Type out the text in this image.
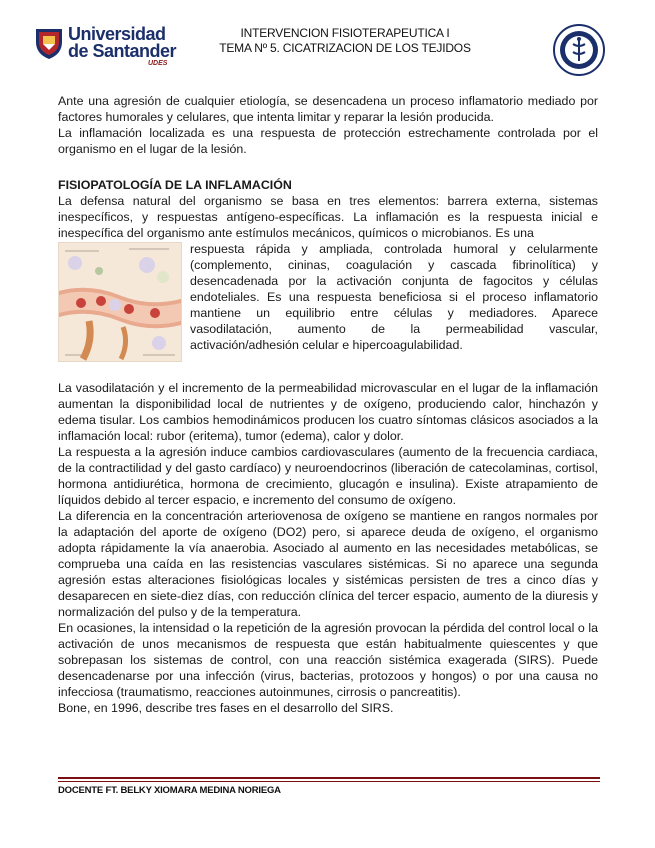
Universidad
de Santander
UDES
INTERVENCION FISIOTERAPEUTICA I
TEMA Nº 5. CICATRIZACION DE LOS TEJIDOS

Ante una agresión de cualquier etiología, se desencadena un proceso inflamatorio mediado por factores humorales y celulares, que intenta limitar y reparar la lesión producida.

La inflamación localizada es una respuesta de protección estrechamente controlada por el organismo en el lugar de la lesión.

FISIOPATOLOGÍA DE LA INFLAMACIÓN

La defensa natural del organismo se basa en tres elementos: barrera externa, sistemas inespecíficos, y respuestas antígeno-específicas. La inflamación es la respuesta inicial e inespecífica del organismo ante estímulos mecánicos, químicos o microbianos. Es una

respuesta rápida y ampliada, controlada humoral y celularmente (complemento, cininas, coagulación y cascada fibrinolítica) y desencadenada por la activación conjunta de fagocitos y células endoteliales. Es una respuesta beneficiosa si el proceso inflamatorio mantiene un equilibrio entre células y mediadores. Aparece vasodilatación, aumento de la permeabilidad vascular, activación/adhesión celular e hipercoagulabilidad.

La vasodilatación y el incremento de la permeabilidad microvascular en el lugar de la inflamación aumentan la disponibilidad local de nutrientes y de oxígeno, produciendo calor, hinchazón y edema tisular. Los cambios hemodinámicos producen los cuatro síntomas clásicos asociados a la inflamación local: rubor (eritema), tumor (edema), calor y dolor.

La respuesta a la agresión induce cambios cardiovasculares (aumento de la frecuencia cardiaca, de la contractilidad y del gasto cardíaco) y neuroendocrinos (liberación de catecolaminas, cortisol, hormona antidiurética, hormona de crecimiento, glucagón e insulina). Existe atrapamiento de líquidos debido al tercer espacio, e incremento del consumo de oxígeno.

La diferencia en la concentración arteriovenosa de oxígeno se mantiene en rangos normales por la adaptación del aporte de oxígeno (DO2) pero, si aparece deuda de oxígeno, el organismo adopta rápidamente la vía anaerobia. Asociado al aumento en las necesidades metabólicas, se comprueba una caída en las resistencias vasculares sistémicas. Si no aparece una segunda agresión estas alteraciones fisiológicas locales y sistémicas persisten de tres a cinco días y desaparecen en siete-diez días, con reducción clínica del tercer espacio, aumento de la diuresis y normalización del pulso y de la temperatura.

En ocasiones, la intensidad o la repetición de la agresión provocan la pérdida del control local o la activación de unos mecanismos de respuesta que están habitualmente quiescentes y que sobrepasan los sistemas de control, con una reacción sistémica exagerada (SIRS). Puede desencadenarse por una infección (virus, bacterias, protozoos y hongos) o por una causa no infecciosa (traumatismo, reacciones autoinmunes, cirrosis o pancreatitis).

Bone, en 1996, describe tres fases en el desarrollo del SIRS.

DOCENTE FT. BELKY XIOMARA MEDINA NORIEGA
